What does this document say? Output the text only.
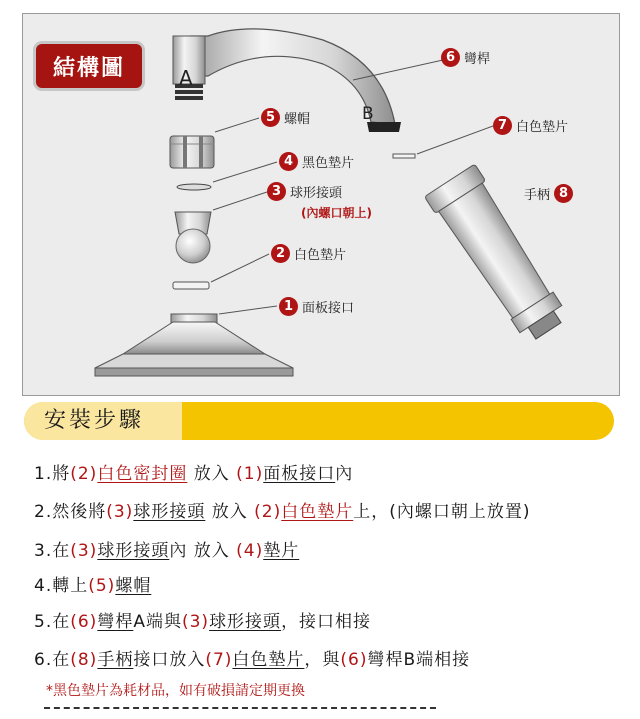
A
B
6 彎桿
5 螺帽	7 白色墊片
4 黑色墊片
3 球形接頭
(內螺口朝上)
8
手柄
2 白色墊片
1 面板接口
結構圖
安裝步驟
1.將(2)白色密封圈 放入 (1)面板接口內
2.然後將(3)球形接頭 放入 (2)白色墊片上，(內螺口朝上放置)
3.在(3)球形接頭內 放入 (4)墊片
4.轉上(5)螺帽
5.在(6)彎桿A端與(3)球形接頭，接口相接
6.在(8)手柄接口放入(7)白色墊片，與(6)彎桿B端相接
*黑色墊片為耗材品，如有破損請定期更換
